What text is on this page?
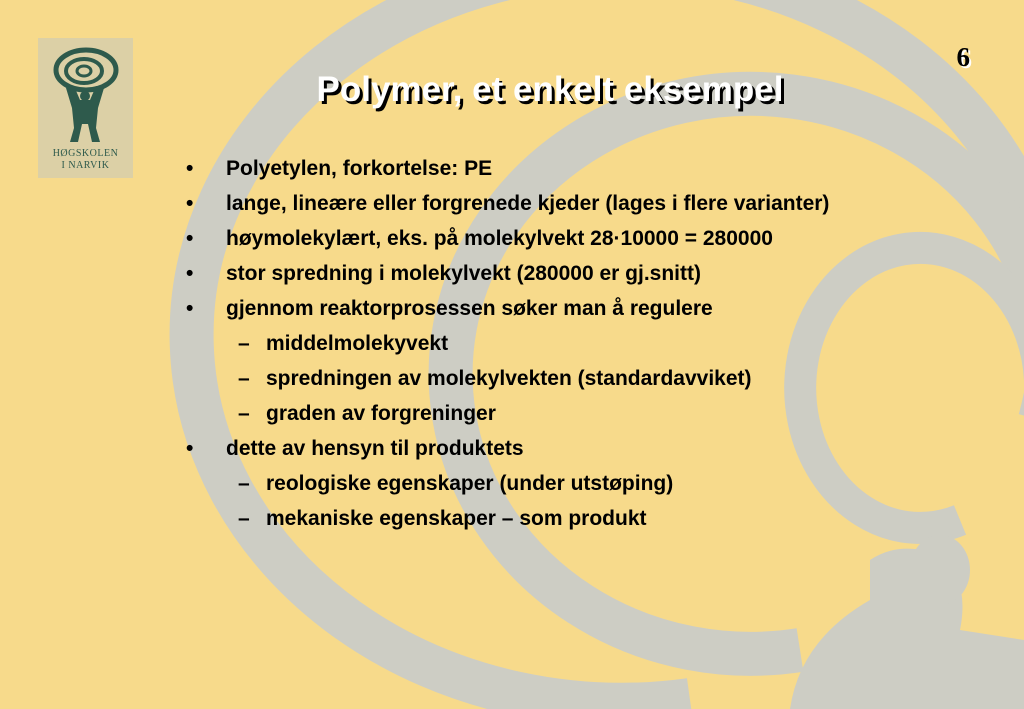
HØGSKOLEN
I NARVIK
6
Polymer, et enkelt eksempel
• Polyetylen, forkortelse: PE
• lange, lineære eller forgrenede kjeder (lages i flere varianter)
• høymolekylært, eks. på molekylvekt 28·10000 = 280000
• stor spredning i molekylvekt (280000 er gj.snitt)
• gjennom reaktorprosessen søker man å regulere
– middelmolekyvekt
– spredningen av molekylvekten (standardavviket)
– graden av forgreninger
• dette av hensyn til produktets
– reologiske egenskaper (under utstøping)
– mekaniske egenskaper – som produkt
